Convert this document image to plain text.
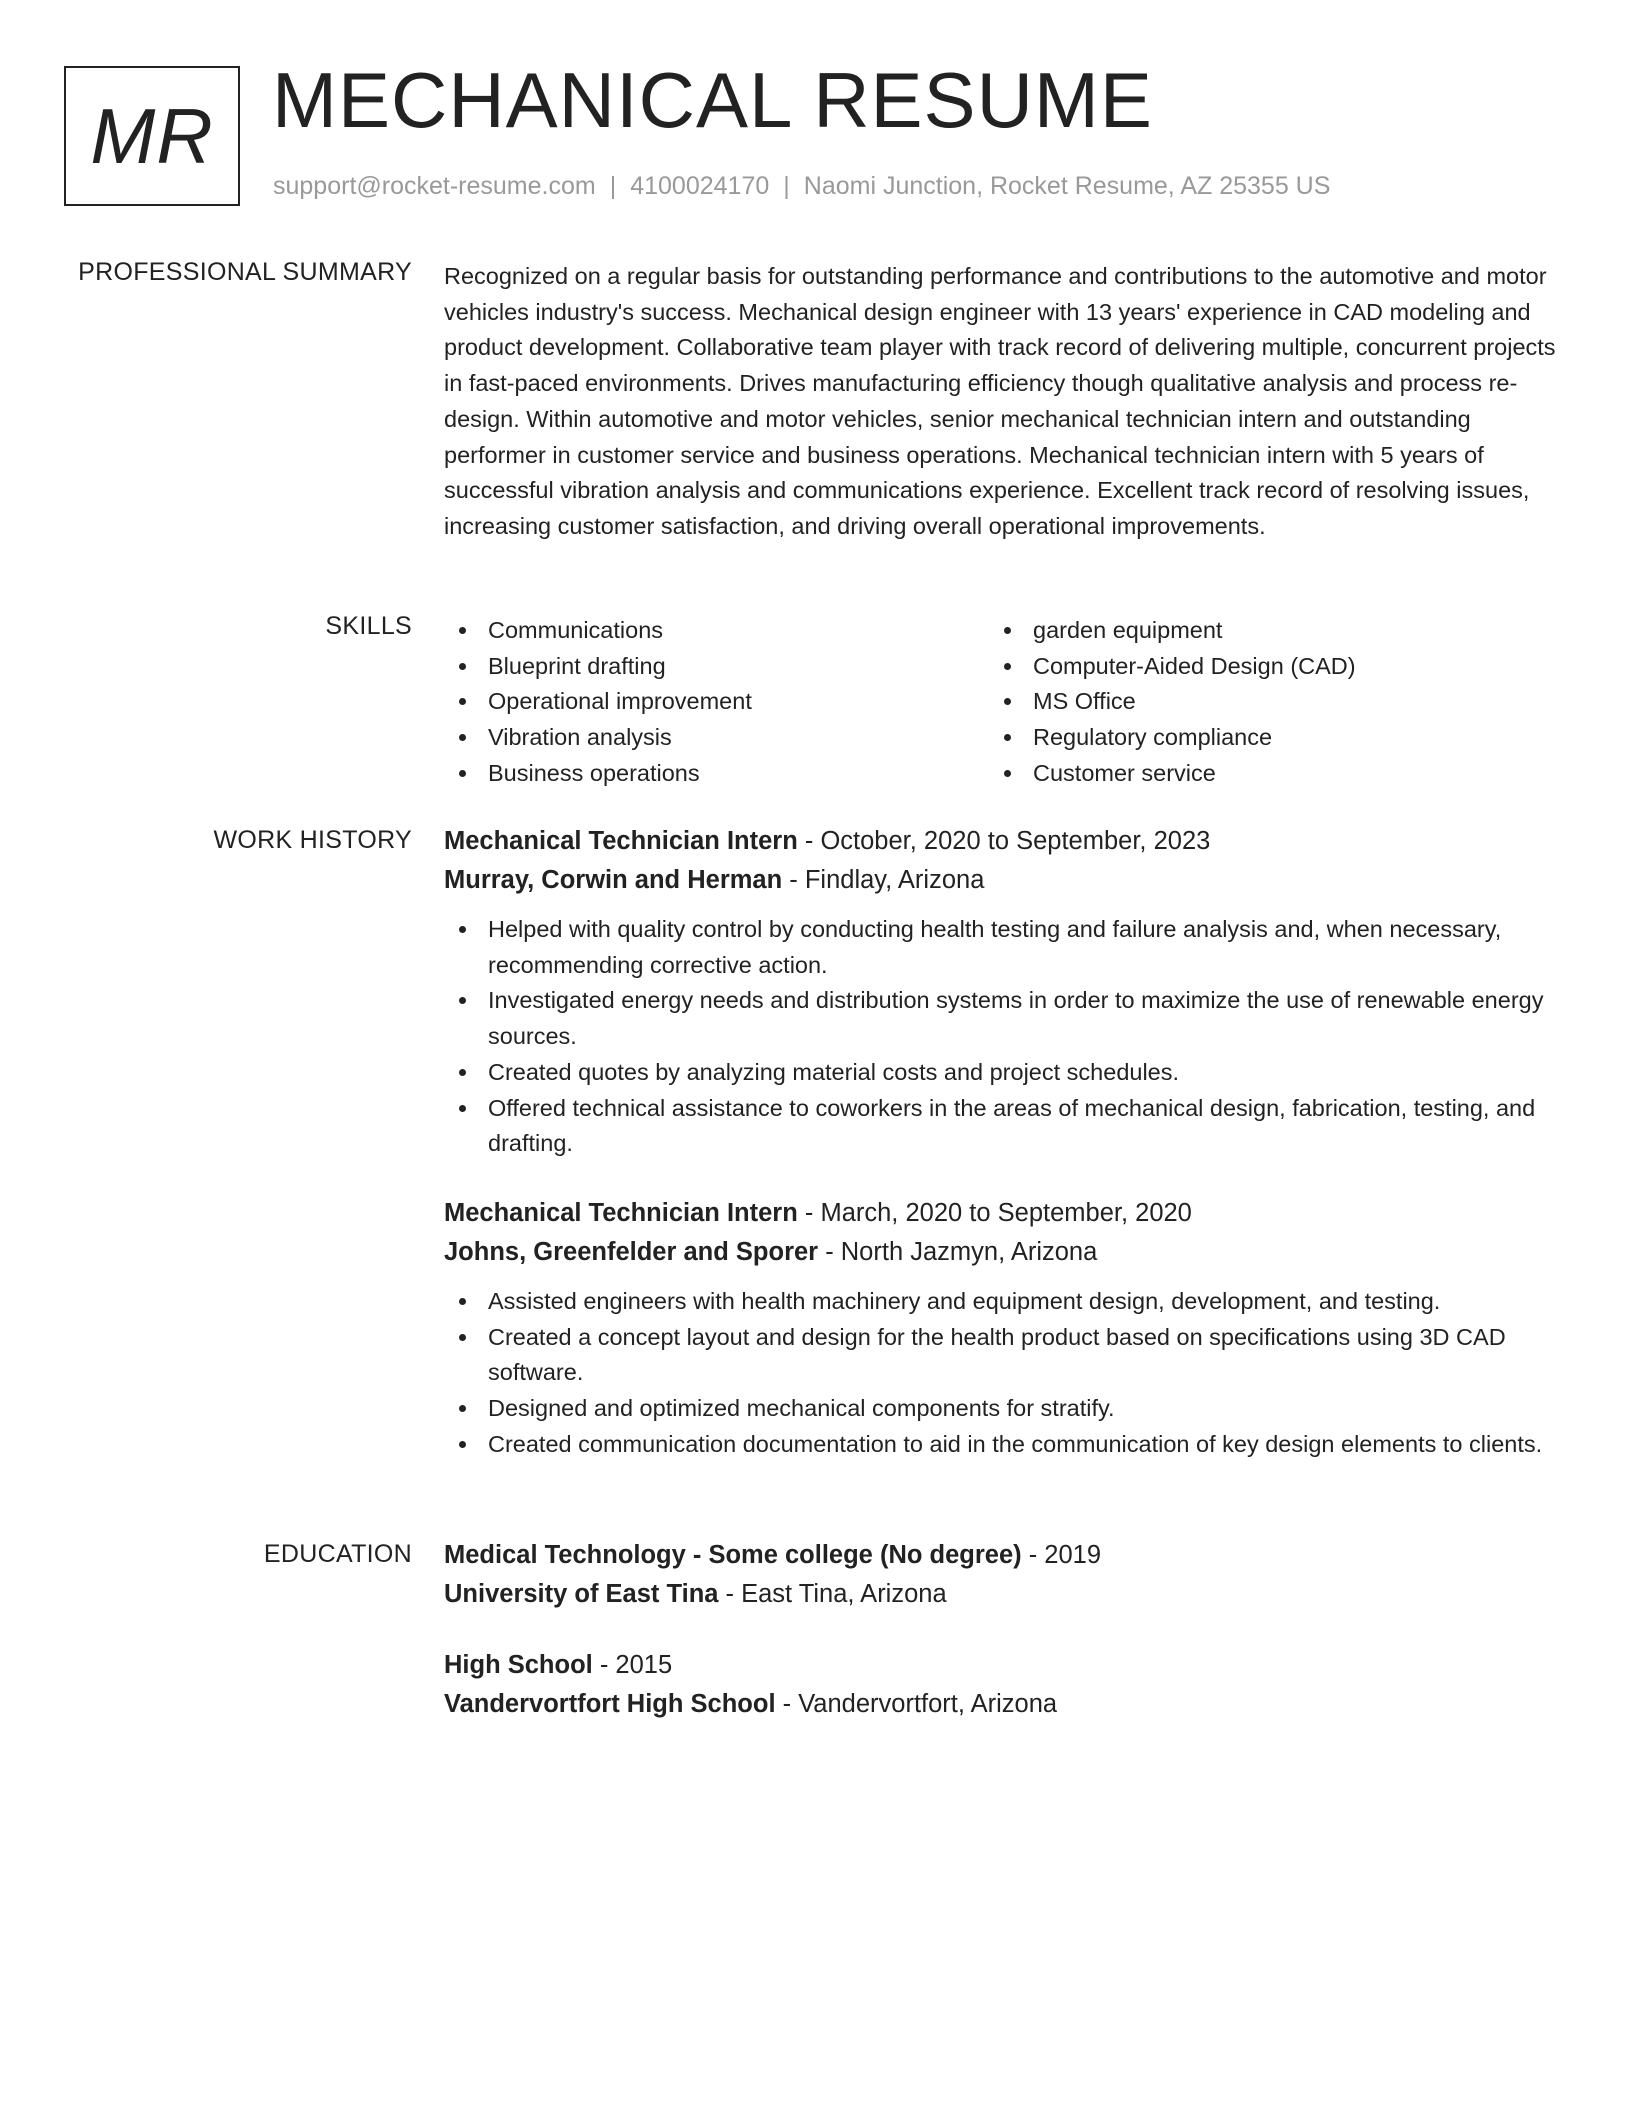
MR MECHANICAL RESUME
support@rocket-resume.com | 4100024170 | Naomi Junction, Rocket Resume, AZ 25355 US
PROFESSIONAL SUMMARY Recognized on a regular basis for outstanding performance and contributions to the automotive and motor vehicles industry's success. Mechanical design engineer with 13 years' experience in CAD modeling and product development. Collaborative team player with track record of delivering multiple, concurrent projects in fast-paced environments. Drives manufacturing efficiency though qualitative analysis and process re-design. Within automotive and motor vehicles, senior mechanical technician intern and outstanding performer in customer service and business operations. Mechanical technician intern with 5 years of successful vibration analysis and communications experience. Excellent track record of resolving issues, increasing customer satisfaction, and driving overall operational improvements.

SKILLS	Communications
Blueprint drafting
Operational improvement
Vibration analysis
Business operations
garden equipment
Computer-Aided Design (CAD)
MS Office
Regulatory compliance
Customer service
WORK HISTORY Mechanical Technician Intern - October, 2020 to September, 2023
Murray, Corwin and Herman - Findlay, Arizona
Helped with quality control by conducting health testing and failure analysis and, when necessary, recommending corrective action.
Investigated energy needs and distribution systems in order to maximize the use of renewable energy sources.
Created quotes by analyzing material costs and project schedules.
Offered technical assistance to coworkers in the areas of mechanical design, fabrication, testing, and drafting.
Mechanical Technician Intern - March, 2020 to September, 2020
Johns, Greenfelder and Sporer - North Jazmyn, Arizona
Assisted engineers with health machinery and equipment design, development, and testing.
Created a concept layout and design for the health product based on specifications using 3D CAD software.
Designed and optimized mechanical components for stratify.
Created communication documentation to aid in the communication of key design elements to clients.
EDUCATION Medical Technology - Some college (No degree) - 2019
University of East Tina - East Tina, Arizona
High School - 2015
Vandervortfort High School - Vandervortfort, Arizona
